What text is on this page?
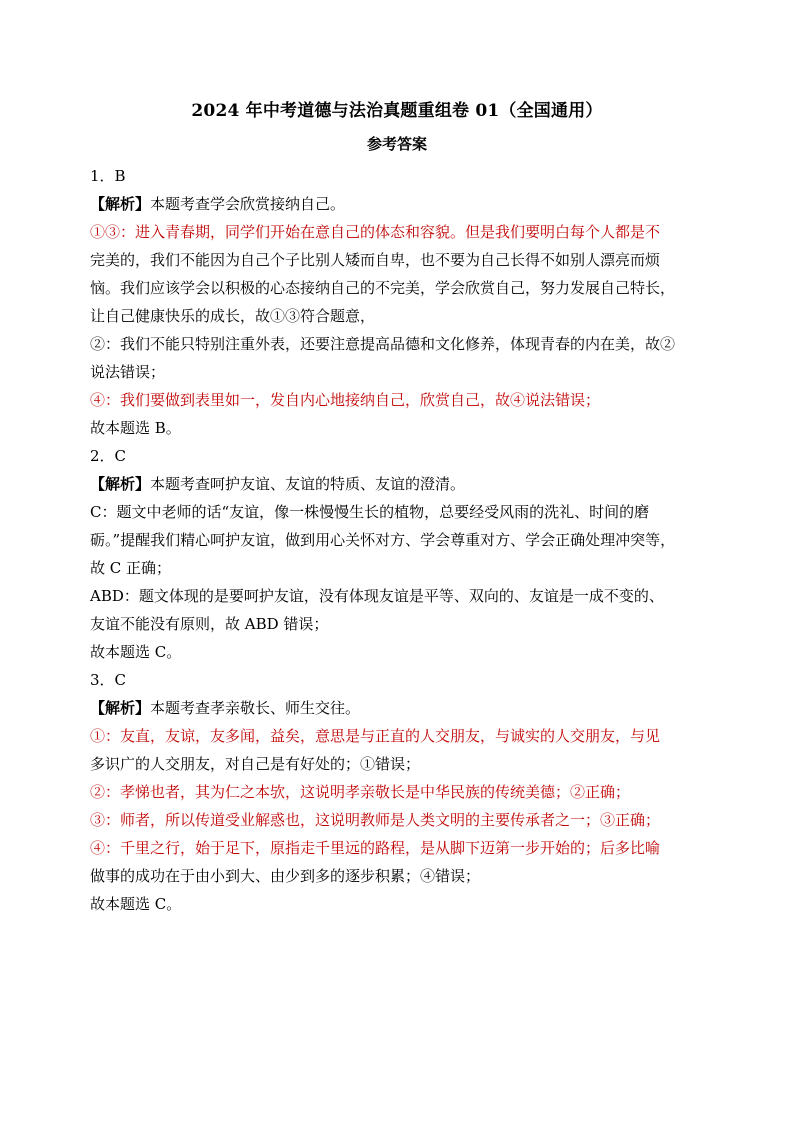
2024 年中考道德与法治真题重组卷 01（全国通用）

参考答案

1．B

【解析】本题考查学会欣赏接纳自己。

①③：进入青春期，同学们开始在意自己的体态和容貌。但是我们要明白每个人都是不

完美的，我们不能因为自己个子比别人矮而自卑，也不要为自己长得不如别人漂亮而烦

恼。我们应该学会以积极的心态接纳自己的不完美，学会欣赏自己，努力发展自己特长，

让自己健康快乐的成长，故①③符合题意，

②：我们不能只特别注重外表，还要注意提高品德和文化修养，体现青春的内在美，故②

说法错误；

④：我们要做到表里如一，发自内心地接纳自己，欣赏自己，故④说法错误；

故本题选 B。

2．C

【解析】本题考查呵护友谊、友谊的特质、友谊的澄清。

C：题文中老师的话“友谊，像一株慢慢生长的植物，总要经受风雨的洗礼、时间的磨

砺。”提醒我们精心呵护友谊，做到用心关怀对方、学会尊重对方、学会正确处理冲突等，

故 C 正确；

ABD：题文体现的是要呵护友谊，没有体现友谊是平等、双向的、友谊是一成不变的、

友谊不能没有原则，故 ABD 错误；

故本题选 C。

3．C

【解析】本题考查孝亲敬长、师生交往。

①：友直，友谅，友多闻，益矣，意思是与正直的人交朋友，与诚实的人交朋友，与见

多识广的人交朋友，对自己是有好处的；①错误；

②：孝悌也者，其为仁之本欤，这说明孝亲敬长是中华民族的传统美德；②正确；

③：师者，所以传道受业解惑也，这说明教师是人类文明的主要传承者之一；③正确；

④：千里之行，始于足下，原指走千里远的路程，是从脚下迈第一步开始的；后多比喻

做事的成功在于由小到大、由少到多的逐步积累；④错误；

故本题选 C。
